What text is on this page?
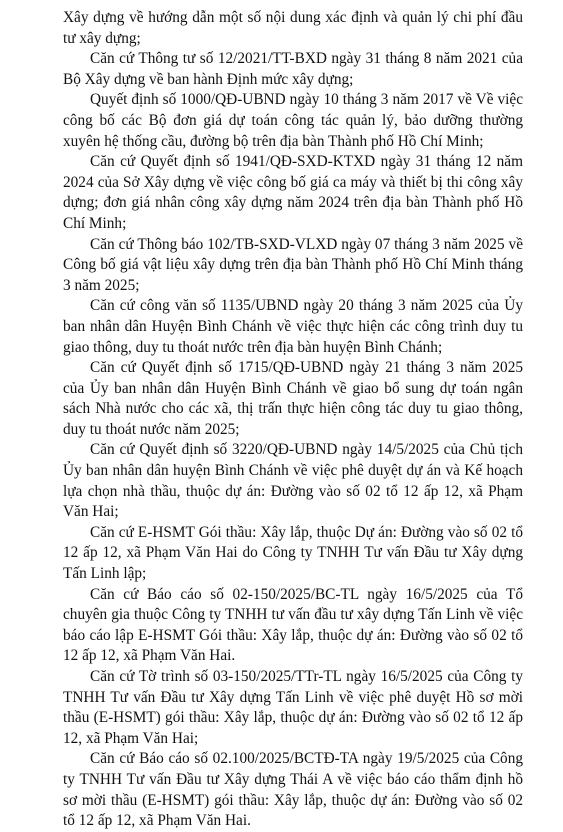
Xây dựng về hướng dẫn một số nội dung xác định và quản lý chi phí đầu tư xây dựng;

Căn cứ Thông tư số 12/2021/TT-BXD ngày 31 tháng 8 năm 2021 của Bộ Xây dựng về ban hành Định mức xây dựng;

Quyết định số 1000/QĐ-UBND ngày 10 tháng 3 năm 2017 về Về việc công bố các Bộ đơn giá dự toán công tác quản lý, bảo dưỡng thường xuyên hệ thống cầu, đường bộ trên địa bàn Thành phố Hồ Chí Minh;

Căn cứ Quyết định số 1941/QĐ-SXD-KTXD ngày 31 tháng 12 năm 2024 của Sở Xây dựng về việc công bố giá ca máy và thiết bị thi công xây dựng; đơn giá nhân công xây dựng năm 2024 trên địa bàn Thành phố Hồ Chí Minh;

Căn cứ Thông báo 102/TB-SXD-VLXD ngày 07 tháng 3 năm 2025 về Công bố giá vật liệu xây dựng trên địa bàn Thành phố Hồ Chí Minh tháng 3 năm 2025;

Căn cứ công văn số 1135/UBND ngày 20 tháng 3 năm 2025 của Ủy ban nhân dân Huyện Bình Chánh về việc thực hiện các công trình duy tu giao thông, duy tu thoát nước trên địa bàn huyện Bình Chánh;

Căn cứ Quyết định số 1715/QĐ-UBND ngày 21 tháng 3 năm 2025 của Ủy ban nhân dân Huyện Bình Chánh về giao bổ sung dự toán ngân sách Nhà nước cho các xã, thị trấn thực hiện công tác duy tu giao thông, duy tu thoát nước năm 2025;

Căn cứ Quyết định số 3220/QĐ-UBND ngày 14/5/2025 của Chủ tịch Ủy ban nhân dân huyện Bình Chánh về việc phê duyệt dự án và Kế hoạch lựa chọn nhà thầu, thuộc dự án: Đường vào số 02 tổ 12 ấp 12, xã Phạm Văn Hai;

Căn cứ E-HSMT Gói thầu: Xây lắp, thuộc Dự án: Đường vào số 02 tổ 12 ấp 12, xã Phạm Văn Hai do Công ty TNHH Tư vấn Đầu tư Xây dựng Tấn Linh lập;

Căn cứ Báo cáo số 02-150/2025/BC-TL ngày 16/5/2025 của Tổ chuyên gia thuộc Công ty TNHH tư vấn đầu tư xây dựng Tấn Linh về việc báo cáo lập E-HSMT Gói thầu: Xây lắp, thuộc dự án: Đường vào số 02 tổ 12 ấp 12, xã Phạm Văn Hai.

Căn cứ Tờ trình số 03-150/2025/TTr-TL ngày 16/5/2025 của Công ty TNHH Tư vấn Đầu tư Xây dựng Tấn Linh về việc phê duyệt Hồ sơ mời thầu (E-HSMT) gói thầu: Xây lắp, thuộc dự án: Đường vào số 02 tổ 12 ấp 12, xã Phạm Văn Hai;

Căn cứ Báo cáo số 02.100/2025/BCTĐ-TA ngày 19/5/2025 của Công ty TNHH Tư vấn Đầu tư Xây dựng Thái A về việc báo cáo thẩm định hồ sơ mời thầu (E-HSMT) gói thầu: Xây lắp, thuộc dự án: Đường vào số 02 tổ 12 ấp 12, xã Phạm Văn Hai.
